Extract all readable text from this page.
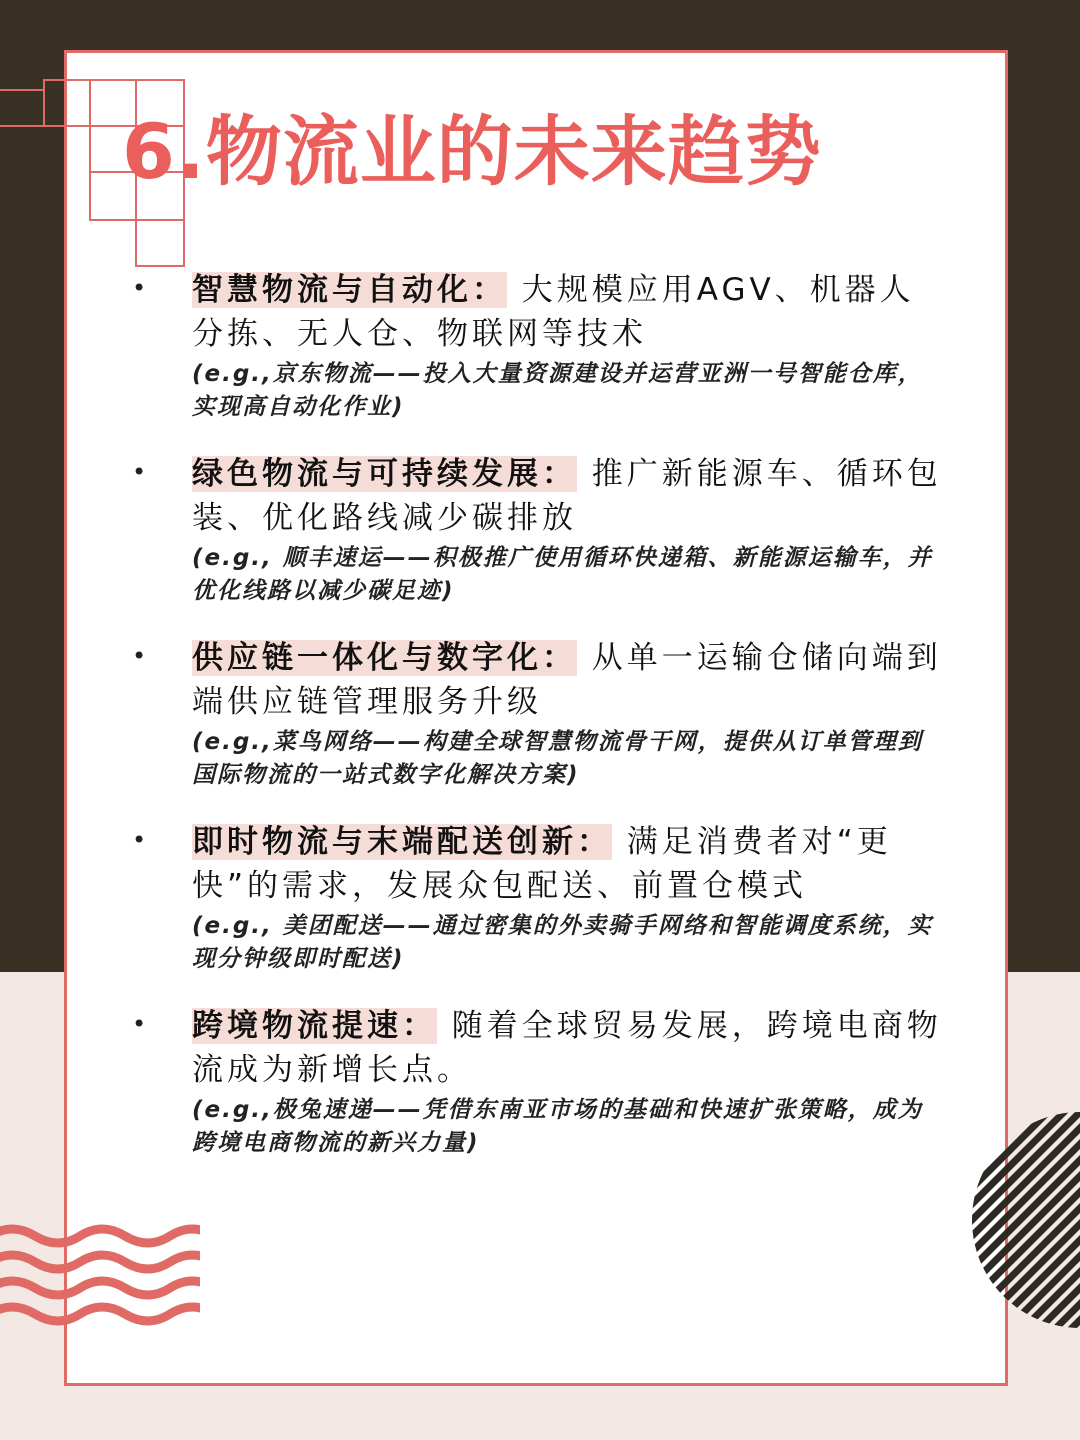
6.物流业的未来趋势
• 智慧物流与自动化： 大规模应用AGV、机器人分拣、无人仓、物联网等技术
(e.g.,京东物流——投入大量资源建设并运营亚洲一号智能仓库，实现高自动化作业)
• 绿色物流与可持续发展： 推广新能源车、循环包装、优化路线减少碳排放
(e.g., 顺丰速运——积极推广使用循环快递箱、新能源运输车，并优化线路以减少碳足迹)
• 供应链一体化与数字化： 从单一运输仓储向端到端供应链管理服务升级
(e.g.,菜鸟网络——构建全球智慧物流骨干网，提供从订单管理到国际物流的一站式数字化解决方案)
• 即时物流与末端配送创新： 满足消费者对“更快”的需求，发展众包配送、前置仓模式
(e.g., 美团配送——通过密集的外卖骑手网络和智能调度系统，实现分钟级即时配送)
• 跨境物流提速： 随着全球贸易发展，跨境电商物流成为新增长点。
(e.g.,极兔速递——凭借东南亚市场的基础和快速扩张策略，成为跨境电商物流的新兴力量)
